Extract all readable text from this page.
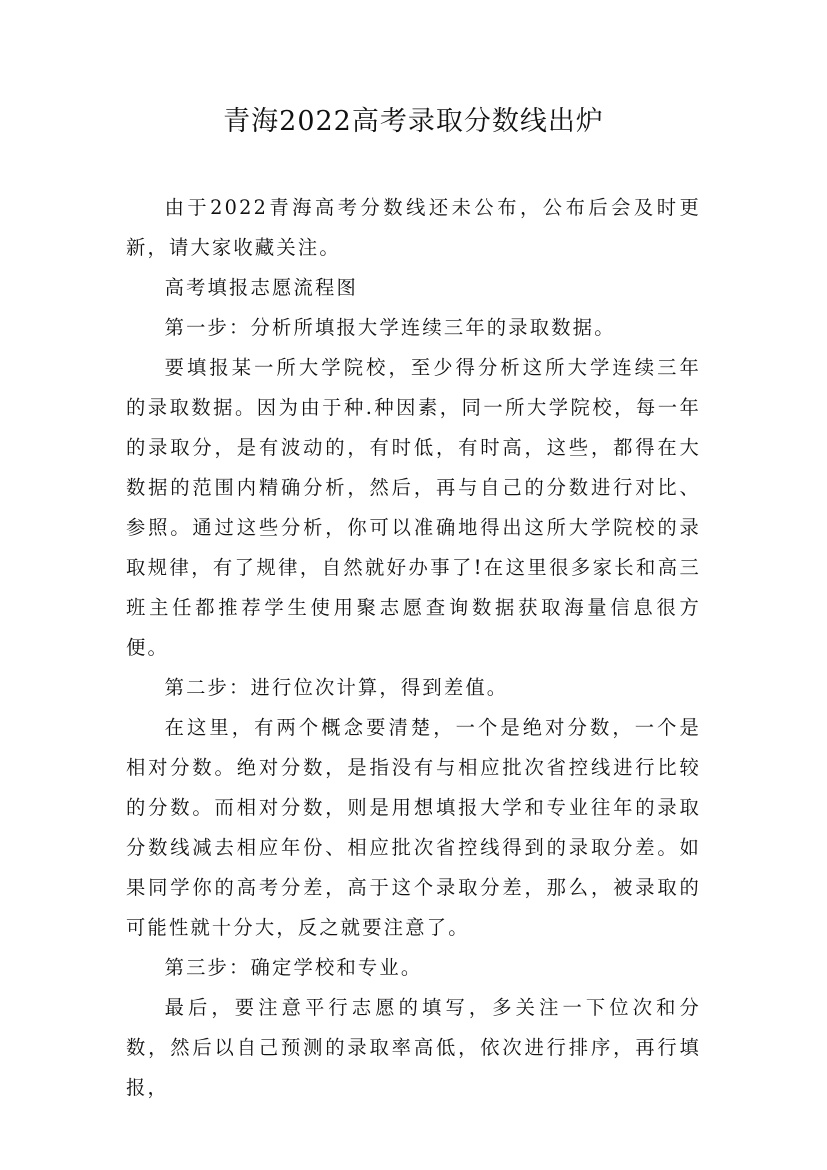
青海2022高考录取分数线出炉

由于2022青海高考分数线还未公布，公布后会及时更新，请大家收藏关注。

高考填报志愿流程图

第一步：分析所填报大学连续三年的录取数据。

要填报某一所大学院校，至少得分析这所大学连续三年的录取数据。因为由于种.种因素，同一所大学院校，每一年的录取分，是有波动的，有时低，有时高，这些，都得在大数据的范围内精确分析，然后，再与自己的分数进行对比、参照。通过这些分析，你可以准确地得出这所大学院校的录取规律，有了规律，自然就好办事了!在这里很多家长和高三班主任都推荐学生使用聚志愿查询数据获取海量信息很方便。

第二步：进行位次计算，得到差值。

在这里，有两个概念要清楚，一个是绝对分数，一个是相对分数。绝对分数，是指没有与相应批次省控线进行比较的分数。而相对分数，则是用想填报大学和专业往年的录取分数线减去相应年份、相应批次省控线得到的录取分差。如果同学你的高考分差，高于这个录取分差，那么，被录取的可能性就十分大，反之就要注意了。

第三步：确定学校和专业。

最后，要注意平行志愿的填写，多关注一下位次和分数，然后以自己预测的录取率高低，依次进行排序，再行填报，
